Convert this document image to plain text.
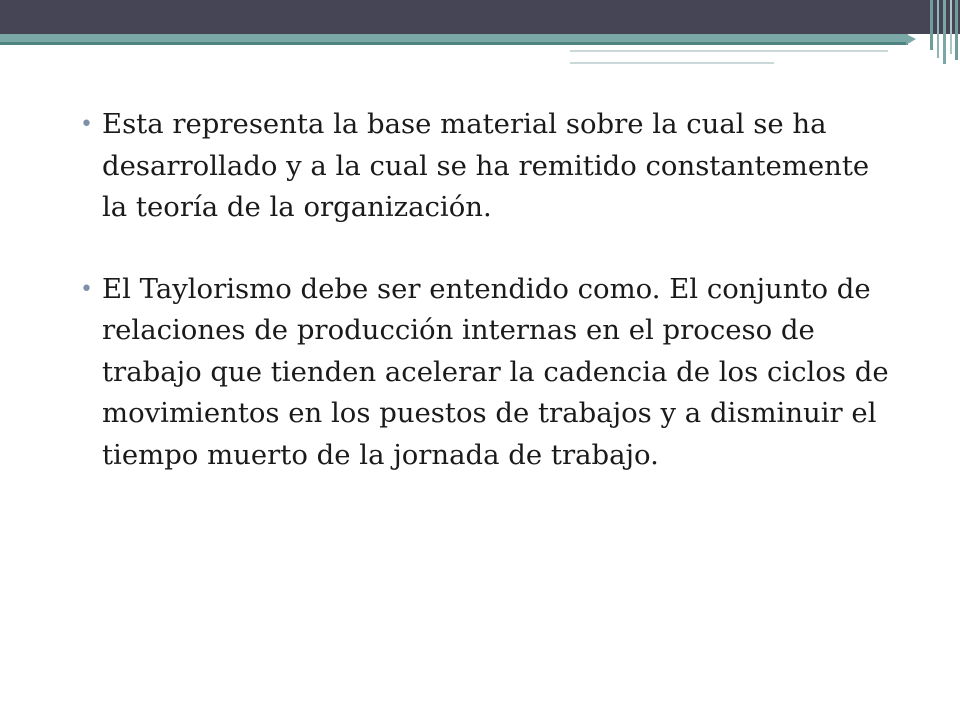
• Esta representa la base material sobre la cual se ha desarrollado y a la cual se ha remitido constantemente la teoría de la organización.
• El Taylorismo debe ser entendido como. El conjunto de relaciones de producción internas en el proceso de trabajo que tienden acelerar la cadencia de los ciclos de movimientos en los puestos de trabajos y a disminuir el tiempo muerto de la jornada de trabajo.
